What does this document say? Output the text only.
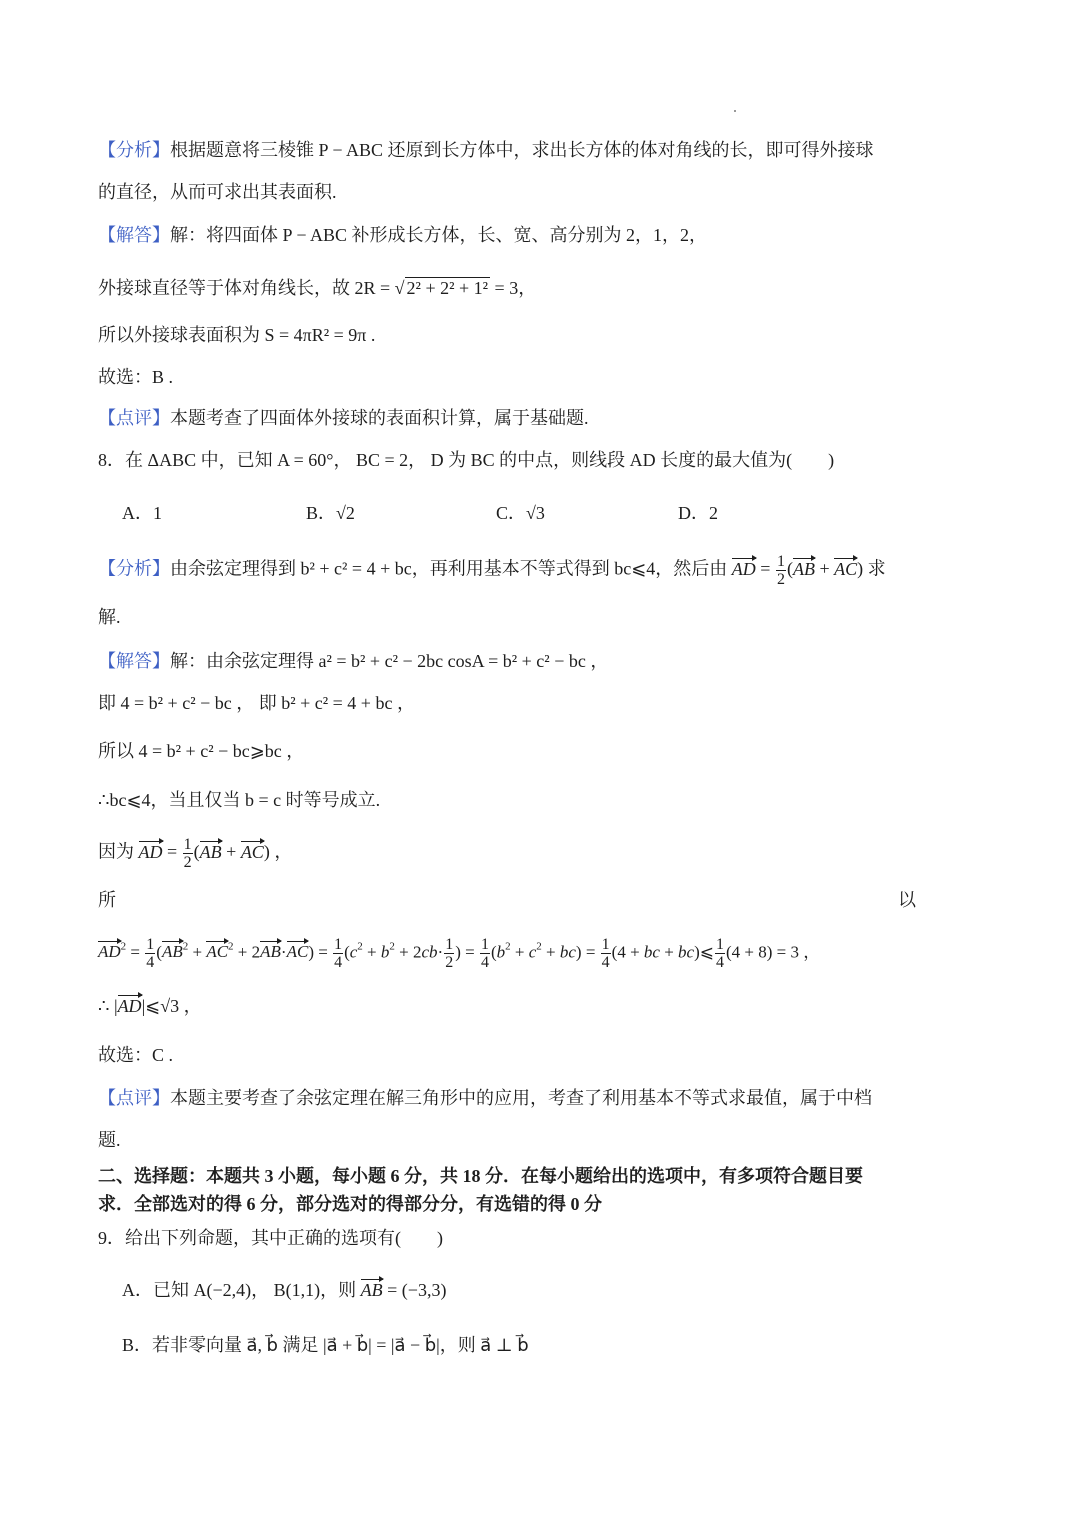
【分析】根据题意将三棱锥 P − ABC 还原到长方体中，求出长方体的体对角线的长，即可得外接球
的直径，从而可求出其表面积.
【解答】解：将四面体 P − ABC 补形成长方体，长、宽、高分别为 2，1，2，
外接球直径等于体对角线长，故 2R = √ 2² + 2² + 1² = 3，
所以外接球表面积为 S = 4πR² = 9π .
故选：B .
【点评】本题考查了四面体外接球的表面积计算，属于基础题.
8．在 ΔABC 中，已知 A = 60°， BC = 2， D 为 BC 的中点，则线段 AD 长度的最大值为(　　)
A．1	B．√2	C．√3	D．2
【分析】由余弦定理得到 b² + c² = 4 + bc，再利用基本不等式得到 bc⩽4，然后由 AD = $\frac{1}{2} (AB + AC)$ 求
解.
【解答】解：由余弦定理得 a² = b² + c² − 2bc cosA = b² + c² − bc ，
即 4 = b² + c² − bc ， 即 b² + c² = 4 + bc ，
所以 4 = b² + c² − bc⩾bc ，
∴bc⩽4，当且仅当 b = c 时等号成立.
因为 AD = $\frac{1}{2} (AB + AC)$ ，
所	以
$AD^2 = \frac{1}{4} (AB^2 + AC^2 + 2AB\cdot AC) = \frac{1}{4} (c^2 + b^2 + 2cb\cdot \frac{1}{2}$ ) = $\frac{1}{4} (b^2 + c^2 + bc) = \frac{1}{4} (4$ + bc + bc)⩽ $\frac{1}{4} (4 + 8) = 3$ ，
∴ |AD|⩽√3 ，
故选：C .
【点评】本题主要考查了余弦定理在解三角形中的应用，考查了利用基本不等式求最值，属于中档
题.
二、选择题：本题共 3 小题，每小题 6 分，共 18 分．在每小题给出的选项中，有多项符合题目要
求．全部选对的得 6 分，部分选对的得部分分，有选错的得 0 分
9．给出下列命题，其中正确的选项有(　　)
A．已知 A(−2,4)， B(1,1)，则 AB = (−3,3)
B．若非零向量 a⃗, b⃗ 满足 |a⃗ + b⃗| = |a⃗ − b⃗|，则 a⃗ ⊥ b⃗
